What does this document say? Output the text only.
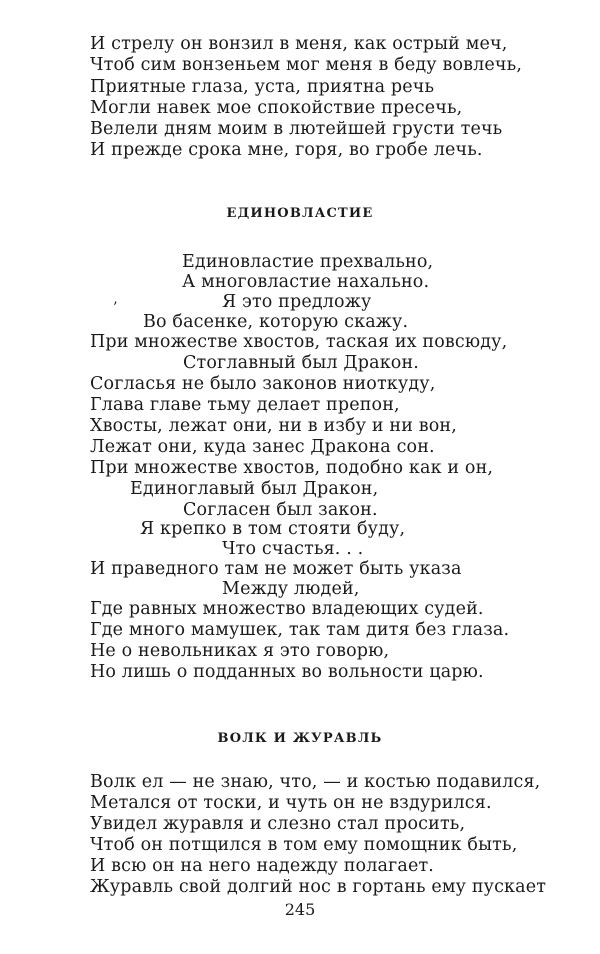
И стрелу он вонзил в меня, как острый меч,
Чтоб сим вонзеньем мог меня в беду вовлечь,
Приятные глаза, уста, приятна речь
Могли навек мое спокойствие пресечь,
Велели дням моим в лютейшей грусти течь
И прежде срока мне, горя, во гробе лечь.
ЕДИНОВЛАСТИЕ
Единовластие прехвально,
А многовластие нахально.
Я это предложу
’
Во басенке, которую скажу.
При множестве хвостов, таская их повсюду,
Стоглавный был Дракон.
Согласья не было законов ниоткуду,
Глава главе тьму делает препон,
Хвосты, лежат они, ни в избу и ни вон,
Лежат они, куда занес Дракона сон.
При множестве хвостов, подобно как и он,
Единоглавый был Дракон,
Согласен был закон.
Я крепко в том стояти буду,
Что счастья. . .
И праведного там не может быть указа
Между людей,
Где равных множество владеющих судей.
Где много мамушек, так там дитя без глаза.
Не о невольниках я это говорю,
Но лишь о подданных во вольности царю.
ВОЛК И ЖУРАВЛЬ
Волк ел — не знаю, что, — и костью подавился,
Метался от тоски, и чуть он не вздурился.
Увидел журавля и слезно стал просить,
Чтоб он потщился в том ему помощник быть,
И всю он на него надежду полагает.
Журавль свой долгий нос в гортань ему пускает
245
